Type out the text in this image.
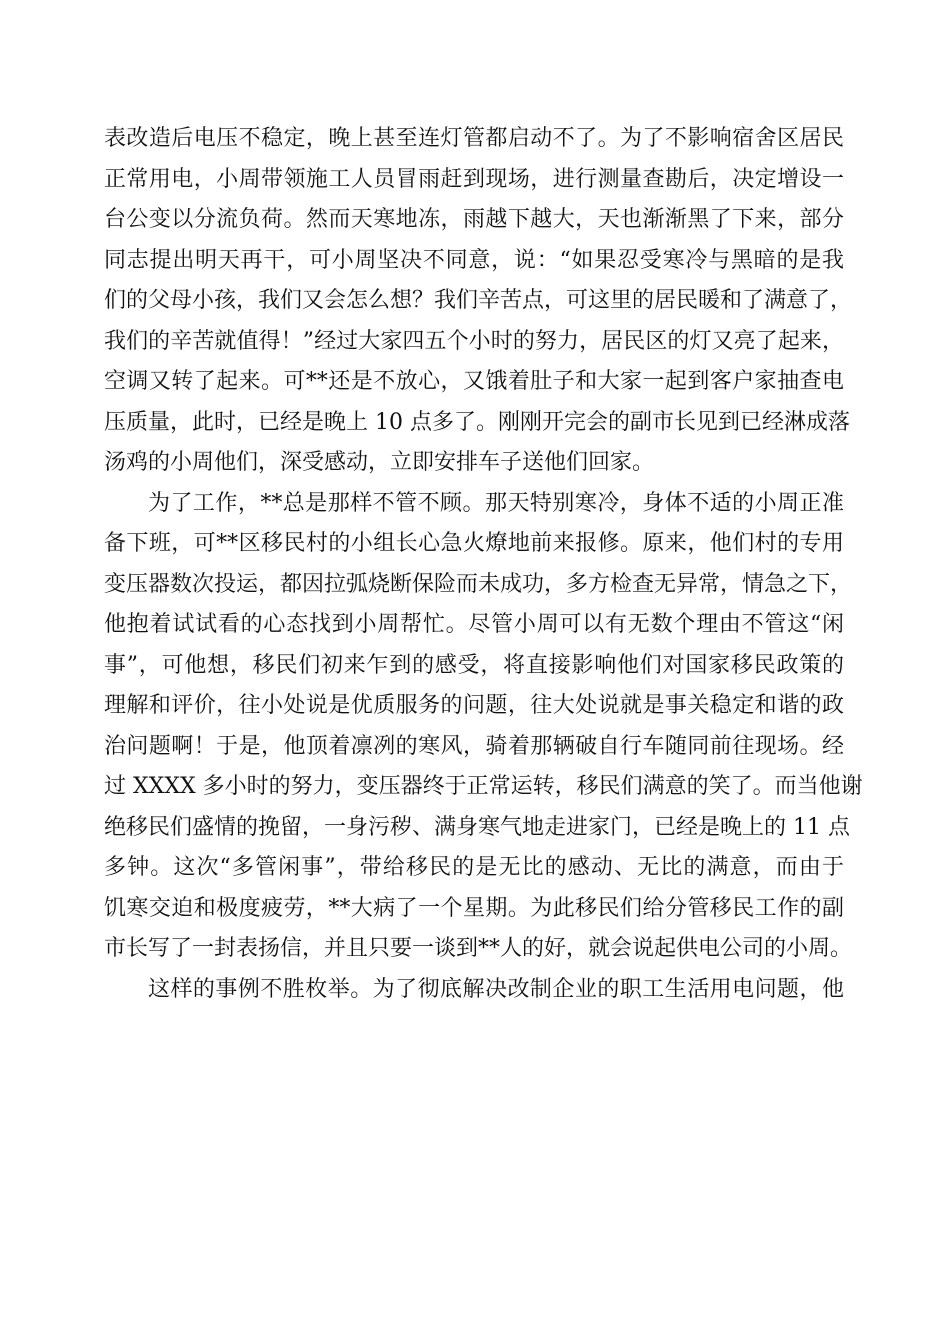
表改造后电压不稳定，晚上甚至连灯管都启动不了。为了不影响宿舍区居民
正常用电，小周带领施工人员冒雨赶到现场，进行测量查勘后，决定增设一
台公变以分流负荷。然而天寒地冻，雨越下越大，天也渐渐黑了下来，部分
同志提出明天再干，可小周坚决不同意，说：“如果忍受寒冷与黑暗的是我
们的父母小孩，我们又会怎么想？我们辛苦点，可这里的居民暖和了满意了，
我们的辛苦就值得！”经过大家四五个小时的努力，居民区的灯又亮了起来，
空调又转了起来。可**还是不放心，又饿着肚子和大家一起到客户家抽查电
压质量，此时，已经是晚上 10 点多了。刚刚开完会的副市长见到已经淋成落
汤鸡的小周他们，深受感动，立即安排车子送他们回家。
为了工作，**总是那样不管不顾。那天特别寒冷，身体不适的小周正准
备下班，可**区移民村的小组长心急火燎地前来报修。原来，他们村的专用
变压器数次投运，都因拉弧烧断保险而未成功，多方检查无异常，情急之下，
他抱着试试看的心态找到小周帮忙。尽管小周可以有无数个理由不管这“闲
事”，可他想，移民们初来乍到的感受，将直接影响他们对国家移民政策的
理解和评价，往小处说是优质服务的问题，往大处说就是事关稳定和谐的政
治问题啊！于是，他顶着凛冽的寒风，骑着那辆破自行车随同前往现场。经
过 XXXX 多小时的努力，变压器终于正常运转，移民们满意的笑了。而当他谢
绝移民们盛情的挽留，一身污秽、满身寒气地走进家门，已经是晚上的 11 点
多钟。这次“多管闲事”，带给移民的是无比的感动、无比的满意，而由于
饥寒交迫和极度疲劳，**大病了一个星期。为此移民们给分管移民工作的副
市长写了一封表扬信，并且只要一谈到**人的好，就会说起供电公司的小周。
这样的事例不胜枚举。为了彻底解决改制企业的职工生活用电问题，他
